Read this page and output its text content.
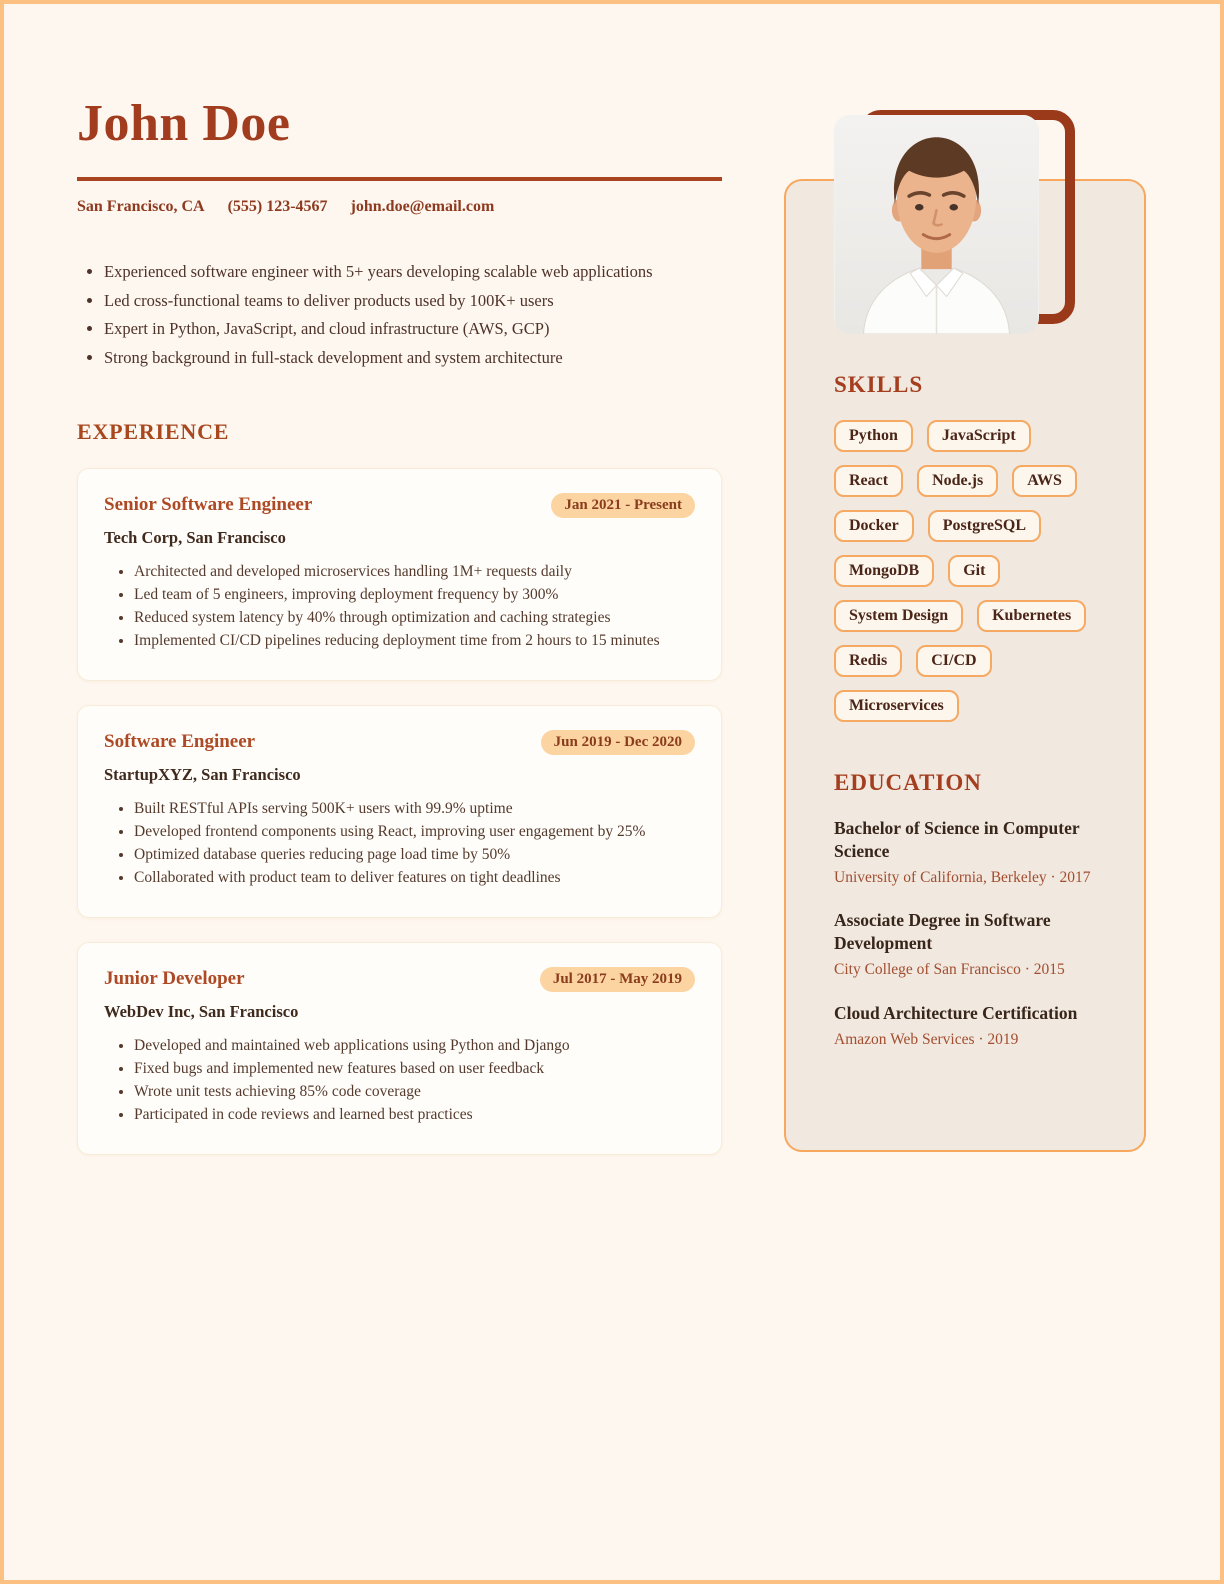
John Doe
San Francisco, CA (555) 123-4567 john.doe@email.com
• Experienced software engineer with 5+ years developing scalable web applications
• Led cross-functional teams to deliver products used by 100K+ users
• Expert in Python, JavaScript, and cloud infrastructure (AWS, GCP)
• Strong background in full-stack development and system architecture
EXPERIENCE
Senior Software Engineer	Jan 2021 - Present
Tech Corp, San Francisco
• Architected and developed microservices handling 1M+ requests daily
• Led team of 5 engineers, improving deployment frequency by 300%
• Reduced system latency by 40% through optimization and caching strategies
• Implemented CI/CD pipelines reducing deployment time from 2 hours to 15 minutes
Software Engineer	Jun 2019 - Dec 2020
StartupXYZ, San Francisco
• Built RESTful APIs serving 500K+ users with 99.9% uptime
• Developed frontend components using React, improving user engagement by 25%
• Optimized database queries reducing page load time by 50%
• Collaborated with product team to deliver features on tight deadlines
Junior Developer	Jul 2017 - May 2019
WebDev Inc, San Francisco
• Developed and maintained web applications using Python and Django
• Fixed bugs and implemented new features based on user feedback
• Wrote unit tests achieving 85% code coverage
• Participated in code reviews and learned best practices
SKILLS
Python	JavaScript
React	Node.js	AWS
Docker	PostgreSQL
MongoDB	Git
System Design	Kubernetes
Redis	CI/CD
Microservices
EDUCATION
Bachelor of Science in Computer Science
University of California, Berkeley · 2017
Associate Degree in Software Development
City College of San Francisco · 2015
Cloud Architecture Certification
Amazon Web Services · 2019
